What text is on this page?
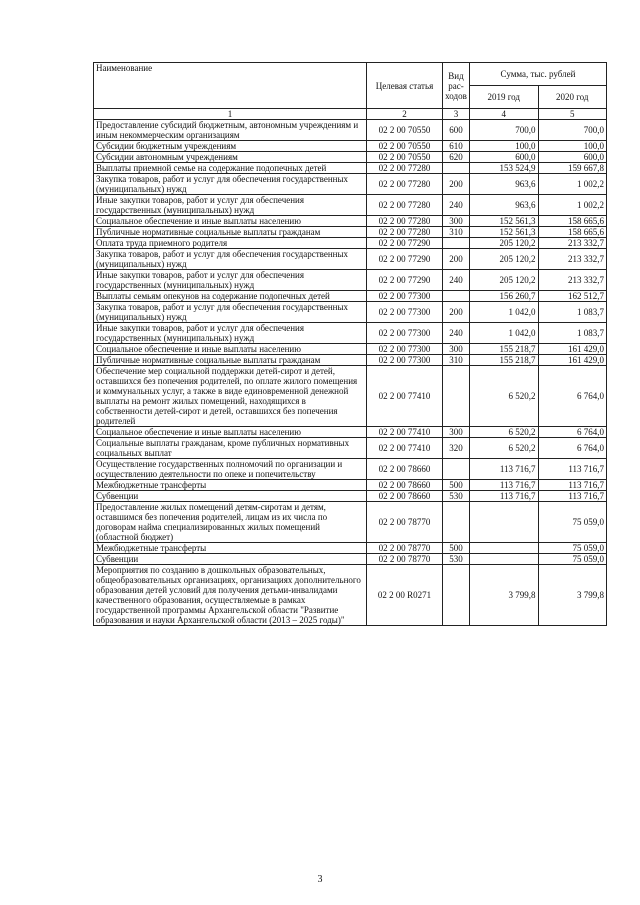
Наименование	Целевая статья	Вид рас-ходов	Сумма, тыс. рублей	
			2019 год	2020 год
1	2	3	4	5
Предоставление субсидий бюджетным, автономным учреждениям и иным некоммерческим организациям	02 2 00 70550	600	700,0	700,0
Субсидии бюджетным учреждениям	02 2 00 70550	610	100,0	100,0
Субсидии автономным учреждениям	02 2 00 70550	620	600,0	600,0
Выплаты приемной семье на содержание подопечных детей	02 2 00 77280		153 524,9	159 667,8
Закупка товаров, работ и услуг для обеспечения государственных (муниципальных) нужд	02 2 00 77280	200	963,6	1 002,2
Иные закупки товаров, работ и услуг для обеспечения государственных (муниципальных) нужд	02 2 00 77280	240	963,6	1 002,2
Социальное обеспечение и иные выплаты населению	02 2 00 77280	300	152 561,3	158 665,6
Публичные нормативные социальные выплаты гражданам	02 2 00 77280	310	152 561,3	158 665,6
Оплата труда приемного родителя	02 2 00 77290		205 120,2	213 332,7
Закупка товаров, работ и услуг для обеспечения государственных (муниципальных) нужд	02 2 00 77290	200	205 120,2	213 332,7
Иные закупки товаров, работ и услуг для обеспечения государственных (муниципальных) нужд	02 2 00 77290	240	205 120,2	213 332,7
Выплаты семьям опекунов на содержание подопечных детей	02 2 00 77300		156 260,7	162 512,7
Закупка товаров, работ и услуг для обеспечения государственных (муниципальных) нужд	02 2 00 77300	200	1 042,0	1 083,7
Иные закупки товаров, работ и услуг для обеспечения государственных (муниципальных) нужд	02 2 00 77300	240	1 042,0	1 083,7
Социальное обеспечение и иные выплаты населению	02 2 00 77300	300	155 218,7	161 429,0
Публичные нормативные социальные выплаты гражданам	02 2 00 77300	310	155 218,7	161 429,0
Обеспечение мер социальной поддержки детей-сирот и детей, оставшихся без попечения родителей, по оплате жилого помещения и коммунальных услуг, а также в виде единовременной денежной выплаты на ремонт жилых помещений, находящихся в собственности детей-сирот и детей, оставшихся без попечения родителей	02 2 00 77410		6 520,2	6 764,0
Социальное обеспечение и иные выплаты населению	02 2 00 77410	300	6 520,2	6 764,0
Социальные выплаты гражданам, кроме публичных нормативных социальных выплат	02 2 00 77410	320	6 520,2	6 764,0
Осуществление государственных полномочий по организации и осуществлению деятельности по опеке и попечительству	02 2 00 78660		113 716,7	113 716,7
Межбюджетные трансферты	02 2 00 78660	500	113 716,7	113 716,7
Субвенции	02 2 00 78660	530	113 716,7	113 716,7
Предоставление жилых помещений детям-сиротам и детям, оставшимся без попечения родителей, лицам из их числа по договорам найма специализированных жилых помещений (областной бюджет)	02 2 00 78770			75 059,0
Межбюджетные трансферты	02 2 00 78770	500		75 059,0
Субвенции	02 2 00 78770	530		75 059,0
Мероприятия по созданию в дошкольных образовательных, общеобразовательных организациях, организациях дополнительного образования детей условий для получения детьми-инвалидами качественного образования, осуществляемые в рамках государственной программы Архангельской области "Развитие образования и науки Архангельской области (2013 – 2025 годы)"	02 2 00 R0271		3 799,8	3 799,8
3
